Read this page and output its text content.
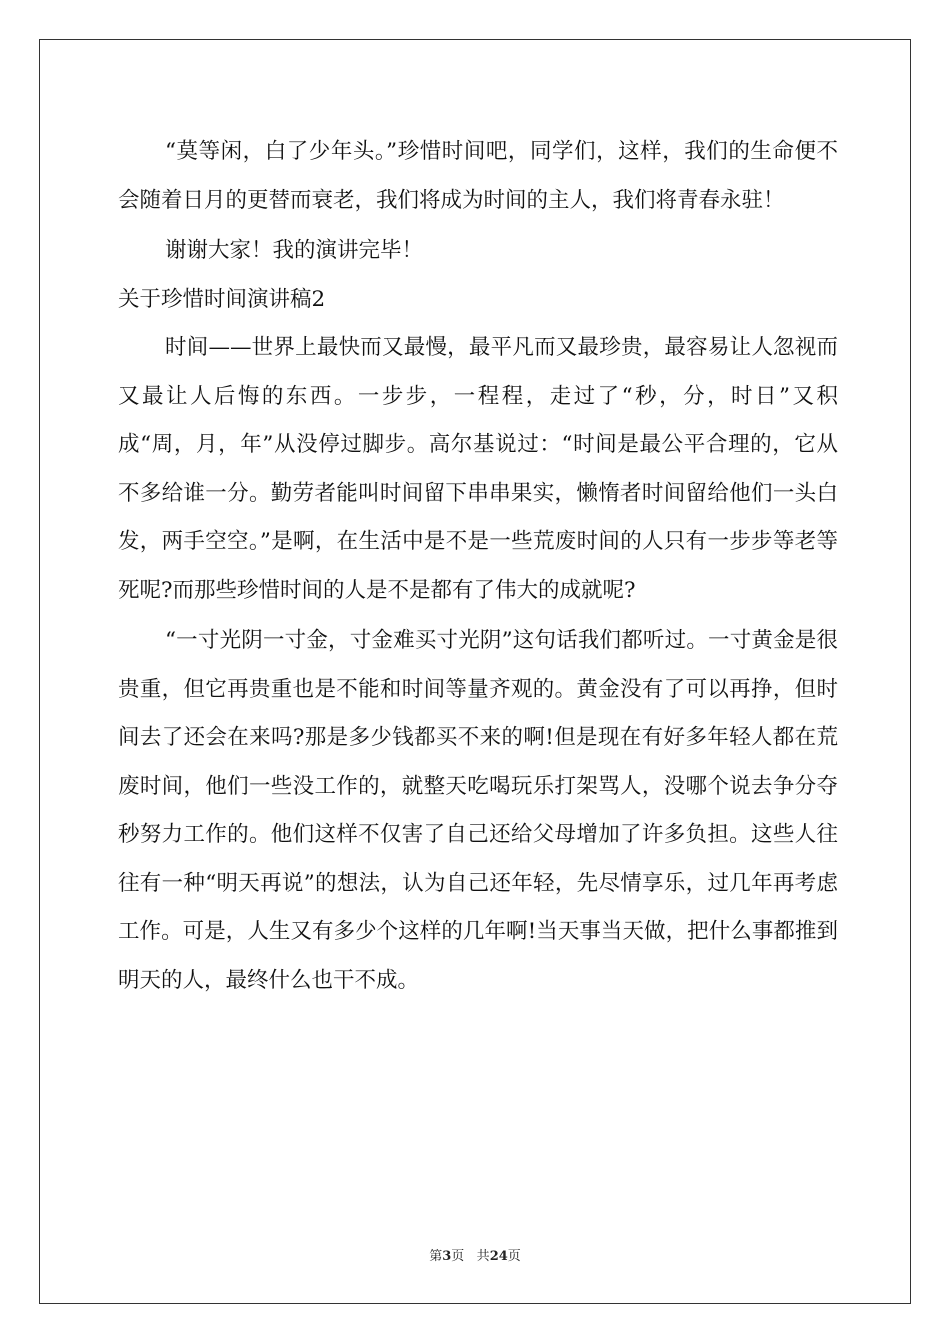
“莫等闲，白了少年头。”珍惜时间吧，同学们，这样，我们的生命便不会随着日月的更替而衰老，我们将成为时间的主人，我们将青春永驻！

谢谢大家！我的演讲完毕！

关于珍惜时间演讲稿2

时间——世界上最快而又最慢，最平凡而又最珍贵，最容易让人忽视而又最让人后悔的东西。一步步，一程程，走过了“秒，分，时日”又积成“周，月，年”从没停过脚步。高尔基说过：“时间是最公平合理的，它从不多给谁一分。勤劳者能叫时间留下串串果实，懒惰者时间留给他们一头白发，两手空空。”是啊，在生活中是不是一些荒废时间的人只有一步步等老等死呢?而那些珍惜时间的人是不是都有了伟大的成就呢?

“一寸光阴一寸金，寸金难买寸光阴”这句话我们都听过。一寸黄金是很贵重，但它再贵重也是不能和时间等量齐观的。黄金没有了可以再挣，但时间去了还会在来吗?那是多少钱都买不来的啊!但是现在有好多年轻人都在荒废时间，他们一些没工作的，就整天吃喝玩乐打架骂人，没哪个说去争分夺秒努力工作的。他们这样不仅害了自己还给父母增加了许多负担。这些人往往有一种“明天再说”的想法，认为自己还年轻，先尽情享乐，过几年再考虑工作。可是，人生又有多少个这样的几年啊!当天事当天做，把什么事都推到明天的人，最终什么也干不成。

第3页 共24页
